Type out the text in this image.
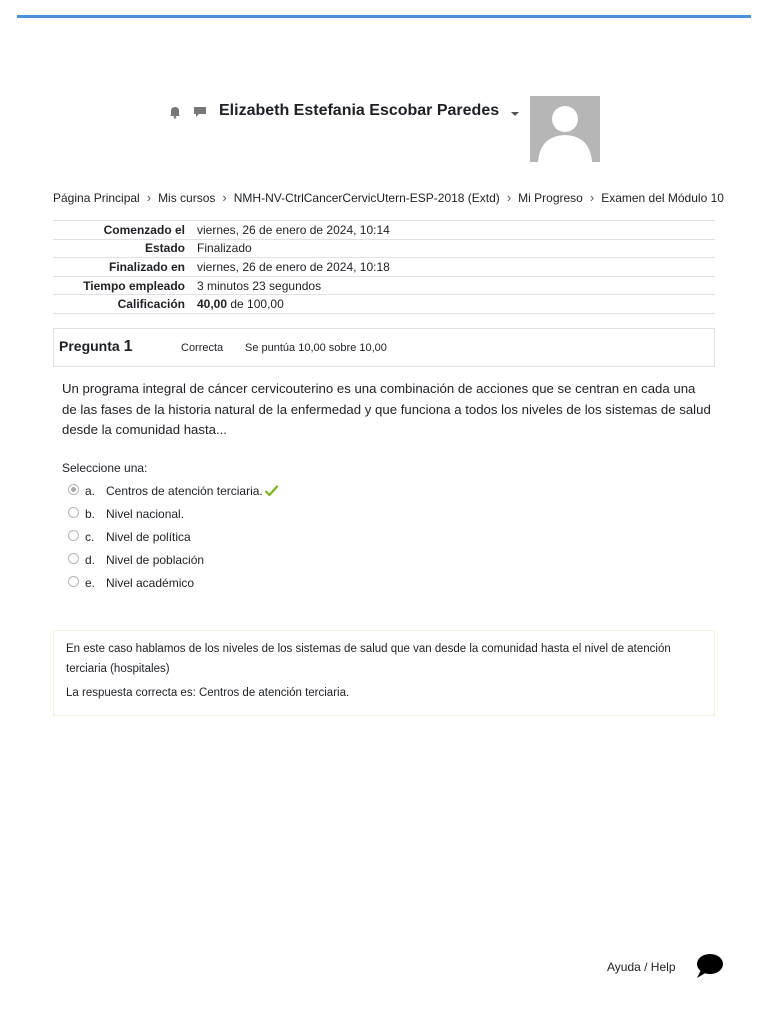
Elizabeth Estefania Escobar Paredes
Página Principal › Mis cursos › NMH-NV-CtrlCancerCervicUtern-ESP-2018 (Extd) › Mi Progreso › Examen del Módulo 10
Comenzado el	viernes, 26 de enero de 2024, 10:14
Estado	Finalizado
Finalizado en	viernes, 26 de enero de 2024, 10:18
Tiempo empleado	3 minutos 23 segundos
Calificación	40,00 de 100,00
Pregunta 1	Correcta Se puntúa 10,00 sobre 10,00
Un programa integral de cáncer cervicouterino es una combinación de acciones que se centran en cada una de las fases de la historia natural de la enfermedad y que funciona a todos los niveles de los sistemas de salud desde la comunidad hasta...
Seleccione una:
a. Centros de atención terciaria.
b. Nivel nacional.
c. Nivel de política
d. Nivel de población
e. Nivel académico
En este caso hablamos de los niveles de los sistemas de salud que van desde la comunidad hasta el nivel de atención terciaria (hospitales)
La respuesta correcta es: Centros de atención terciaria.
Ayuda / Help
